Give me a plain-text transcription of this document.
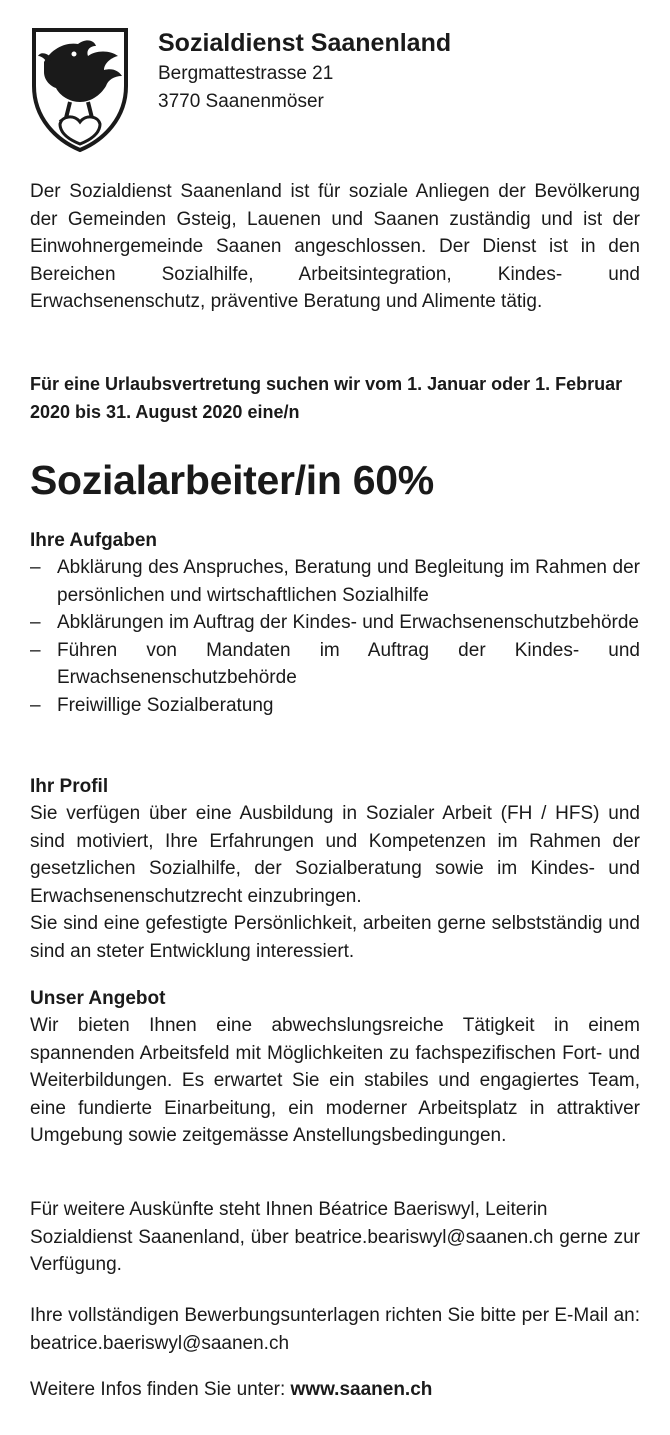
Sozialdienst Saanenland
Bergmattestrasse 21
3770 Saanenmöser

Der Sozialdienst Saanenland ist für soziale Anliegen der Bevölkerung der Gemeinden Gsteig, Lauenen und Saanen zuständig und ist der Einwohnergemeinde Saanen angeschlossen. Der Dienst ist in den Bereichen Sozialhilfe, Arbeitsintegration, Kindes- und Erwachsenenschutz, präventive Beratung und Alimente tätig.

Für eine Urlaubsvertretung suchen wir vom 1. Januar oder 1. Februar 2020 bis 31. August 2020 eine/n

Sozialarbeiter/in 60%
Ihre Aufgaben
– Abklärung des Anspruches, Beratung und Begleitung im Rahmen der persönlichen und wirtschaftlichen Sozialhilfe
– Abklärungen im Auftrag der Kindes- und Erwachsenenschutzbehörde
– Führen von Mandaten im Auftrag der Kindes- und Erwachsenenschutzbehörde
– Freiwillige Sozialberatung
Ihr Profil

Sie verfügen über eine Ausbildung in Sozialer Arbeit (FH / HFS) und sind motiviert, Ihre Erfahrungen und Kompetenzen im Rahmen der gesetzlichen Sozialhilfe, der Sozialberatung sowie im Kindes- und Erwachsenenschutzrecht einzubringen.

Sie sind eine gefestigte Persönlichkeit, arbeiten gerne selbstständig und sind an steter Entwicklung interessiert.

Unser Angebot

Wir bieten Ihnen eine abwechslungsreiche Tätigkeit in einem spannenden Arbeitsfeld mit Möglichkeiten zu fachspezifischen Fort- und Weiterbildungen. Es erwartet Sie ein stabiles und engagiertes Team, eine fundierte Einarbeitung, ein moderner Arbeitsplatz in attraktiver Umgebung sowie zeitgemässe Anstellungsbedingungen.

Für weitere Auskünfte steht Ihnen Béatrice Baeriswyl, Leiterin

Sozialdienst Saanenland, über beatrice.beariswyl@saanen.ch gerne zur Verfügung.

Ihre vollständigen Bewerbungsunterlagen richten Sie bitte per E-Mail an: beatrice.baeriswyl@saanen.ch

Weitere Infos finden Sie unter: www.saanen.ch
